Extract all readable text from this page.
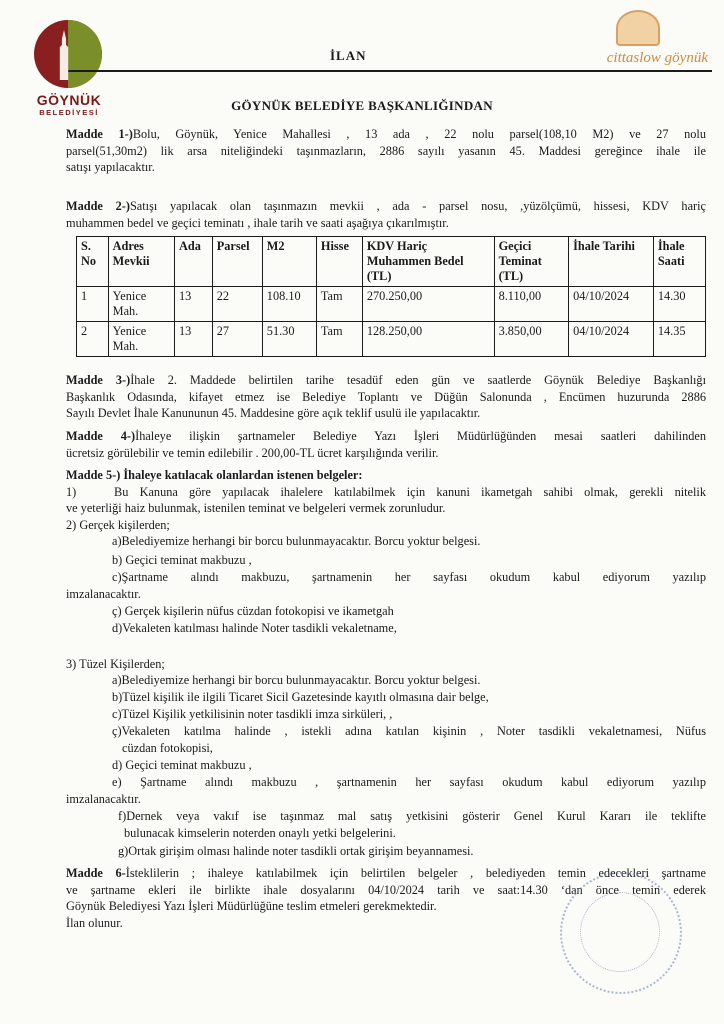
GÖYNÜK
BELEDİYESİ
İLAN	cittaslow göynük
GÖYNÜK BELEDİYE BAŞKANLIĞINDAN
Madde 1-)Bolu, Göynük, Yenice Mahallesi , 13 ada , 22 nolu parsel(108,10 M2) ve 27 nolu
parsel(51,30m2) lik arsa niteliğindeki taşınmazların, 2886 sayılı yasanın 45. Maddesi gereğince ihale ile
satışı yapılacaktır.
Madde 2-)Satışı yapılacak olan taşınmazın mevkii , ada - parsel nosu, ,yüzölçümü, hissesi, KDV hariç
muhammen bedel ve geçici teminatı , ihale tarih ve saati aşağıya çıkarılmıştır.
S. No	Adres Mevkii	Ada	Parsel	M2	Hisse	KDV Hariç Muhammen Bedel (TL)	Geçici Teminat (TL)	İhale Tarihi	İhale Saati
1	Yenice Mah.	13	22	108.10	Tam	270.250,00	8.110,00	04/10/2024	14.30
2	Yenice Mah.	13	27	51.30	Tam	128.250,00	3.850,00	04/10/2024	14.35
Madde 3-)İhale 2. Maddede belirtilen tarihe tesadüf eden gün ve saatlerde Göynük Belediye Başkanlığı
Başkanlık Odasında, kifayet etmez ise Belediye Toplantı ve Düğün Salonunda , Encümen huzurunda 2886
Sayılı Devlet İhale Kanununun 45. Maddesine göre açık teklif usulü ile yapılacaktır.
Madde 4-)İhaleye ilişkin şartnameler Belediye Yazı İşleri Müdürlüğünden mesai saatleri dahilinden
ücretsiz görülebilir ve temin edilebilir . 200,00-TL ücret karşılığında verilir.
Madde 5-) İhaleye katılacak olanlardan istenen belgeler:
1)	Bu Kanuna göre yapılacak ihalelere katılabilmek için kanuni ikametgah sahibi olmak, gerekli nitelik
ve yeterliği haiz bulunmak, istenilen teminat ve belgeleri vermek zorunludur.
2) Gerçek kişilerden;
a)Belediyemize herhangi bir borcu bulunmayacaktır. Borcu yoktur belgesi.
b) Geçici teminat makbuzu ,
c)Şartname alındı makbuzu, şartnamenin her sayfası okudum kabul ediyorum yazılıp
imzalanacaktır.
ç) Gerçek kişilerin nüfus cüzdan fotokopisi ve ikametgah
d)Vekaleten katılması halinde Noter tasdikli vekaletname,
3) Tüzel Kişilerden;
a)Belediyemize herhangi bir borcu bulunmayacaktır. Borcu yoktur belgesi.
b)Tüzel kişilik ile ilgili Ticaret Sicil Gazetesinde kayıtlı olmasına dair belge,
c)Tüzel Kişilik yetkilisinin noter tasdikli imza sirküleri, ,
ç)Vekaleten katılma halinde , istekli adına katılan kişinin , Noter tasdikli vekaletnamesi, Nüfus
cüzdan fotokopisi,
d) Geçici teminat makbuzu ,
e) Şartname alındı makbuzu , şartnamenin her sayfası okudum kabul ediyorum yazılıp
imzalanacaktır.
f)Dernek veya vakıf ise taşınmaz mal satış yetkisini gösterir Genel Kurul Kararı ile teklifte
bulunacak kimselerin noterden onaylı yetki belgelerini.
g)Ortak girişim olması halinde noter tasdikli ortak girişim beyannamesi.
Madde 6-İsteklilerin ; ihaleye katılabilmek için belirtilen belgeler , belediyeden temin edecekleri şartname
ve şartname ekleri ile birlikte ihale dosyalarını 04/10/2024 tarih ve saat:14.30 ‘dan önce temin ederek
Göynük Belediyesi Yazı İşleri Müdürlüğüne teslim etmeleri gerekmektedir.
İlan olunur.
